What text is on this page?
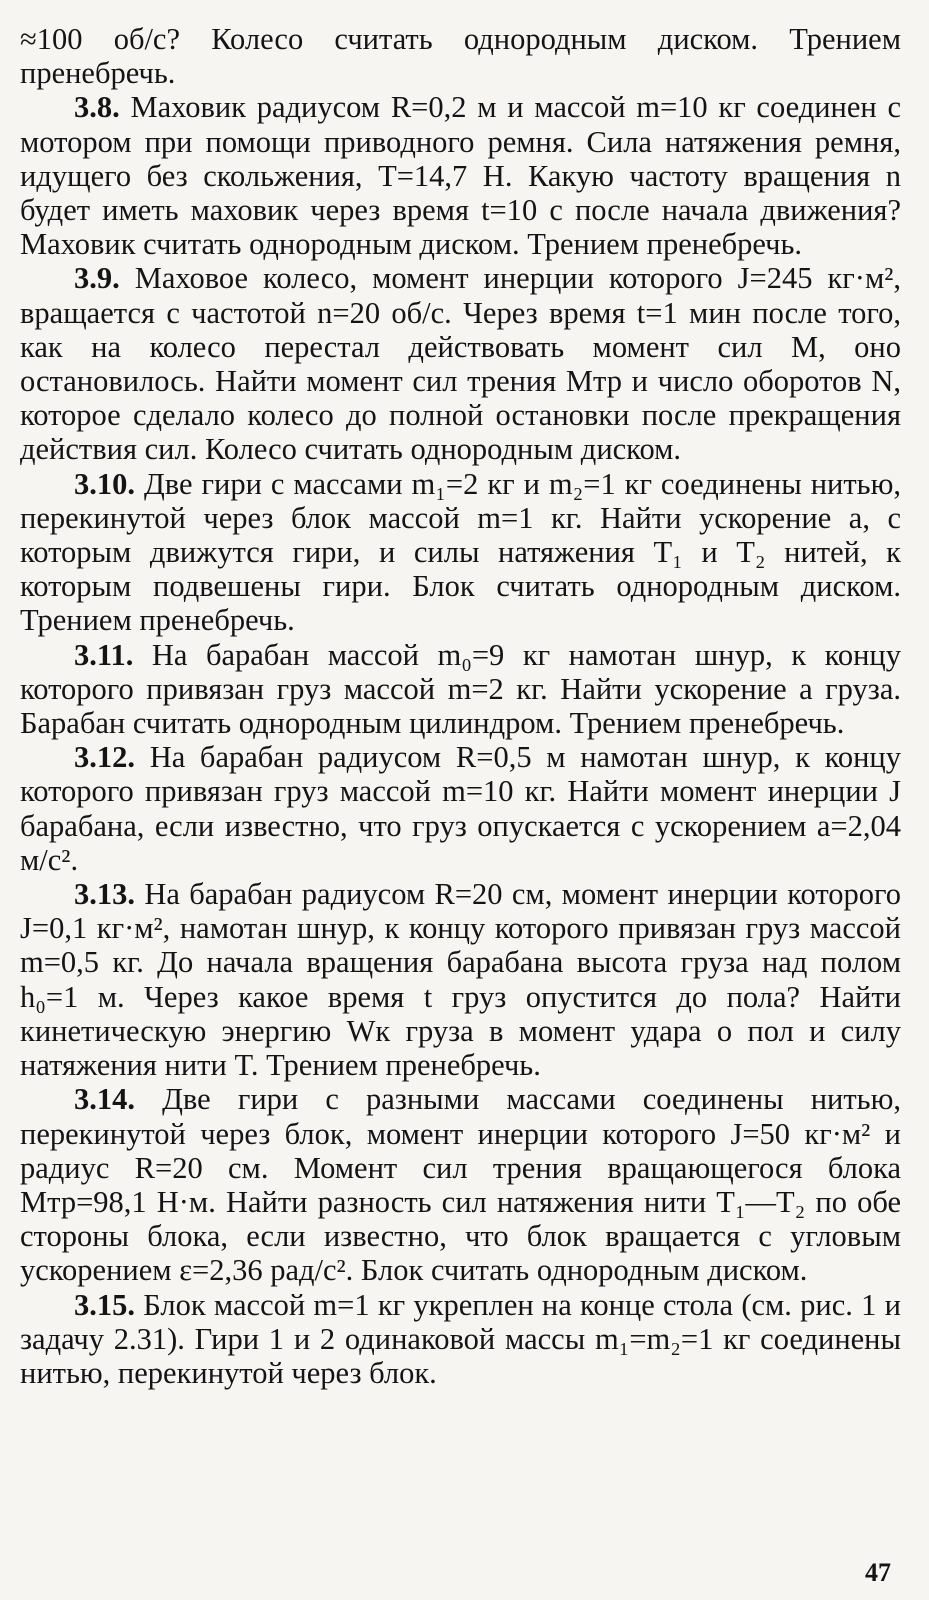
≈100 об/с? Колесо считать однородным диском. Трением пренебречь.

3.8. Маховик радиусом R=0,2 м и массой m=10 кг соединен с мотором при помощи приводного ремня. Сила натяжения ремня, идущего без скольжения, T=14,7 Н. Какую частоту вращения n будет иметь маховик через время t=10 с после начала движения? Маховик считать однородным диском. Трением пренебречь.

3.9. Маховое колесо, момент инерции которого J=245 кг·м², вращается с частотой n=20 об/с. Через время t=1 мин после того, как на колесо перестал действовать момент сил M, оно остановилось. Найти момент сил трения Mтр и число оборотов N, которое сделало колесо до полной остановки после прекращения действия сил. Колесо считать однородным диском.

3.10. Две гири с массами m₁=2 кг и m₂=1 кг соединены нитью, перекинутой через блок массой m=1 кг. Найти ускорение a, с которым движутся гири, и силы натяжения T₁ и T₂ нитей, к которым подвешены гири. Блок считать однородным диском. Трением пренебречь.

3.11. На барабан массой m₀=9 кг намотан шнур, к концу которого привязан груз массой m=2 кг. Найти ускорение a груза. Барабан считать однородным цилиндром. Трением пренебречь.

3.12. На барабан радиусом R=0,5 м намотан шнур, к концу которого привязан груз массой m=10 кг. Найти момент инерции J барабана, если известно, что груз опускается с ускорением a=2,04 м/с².

3.13. На барабан радиусом R=20 см, момент инерции которого J=0,1 кг·м², намотан шнур, к концу которого привязан груз массой m=0,5 кг. До начала вращения барабана высота груза над полом h₀=1 м. Через какое время t груз опустится до пола? Найти кинетическую энергию Wк груза в момент удара о пол и силу натяжения нити T. Трением пренебречь.

3.14. Две гири с разными массами соединены нитью, перекинутой через блок, момент инерции которого J=50 кг·м² и радиус R=20 см. Момент сил трения вращающегося блока Mтр=98,1 Н·м. Найти разность сил натяжения нити T₁—T₂ по обе стороны блока, если известно, что блок вращается с угловым ускорением ε=2,36 рад/с². Блок считать однородным диском.

3.15. Блок массой m=1 кг укреплен на конце стола (см. рис. 1 и задачу 2.31). Гири 1 и 2 одинаковой массы m₁=m₂=1 кг соединены нитью, перекинутой через блок.

47
